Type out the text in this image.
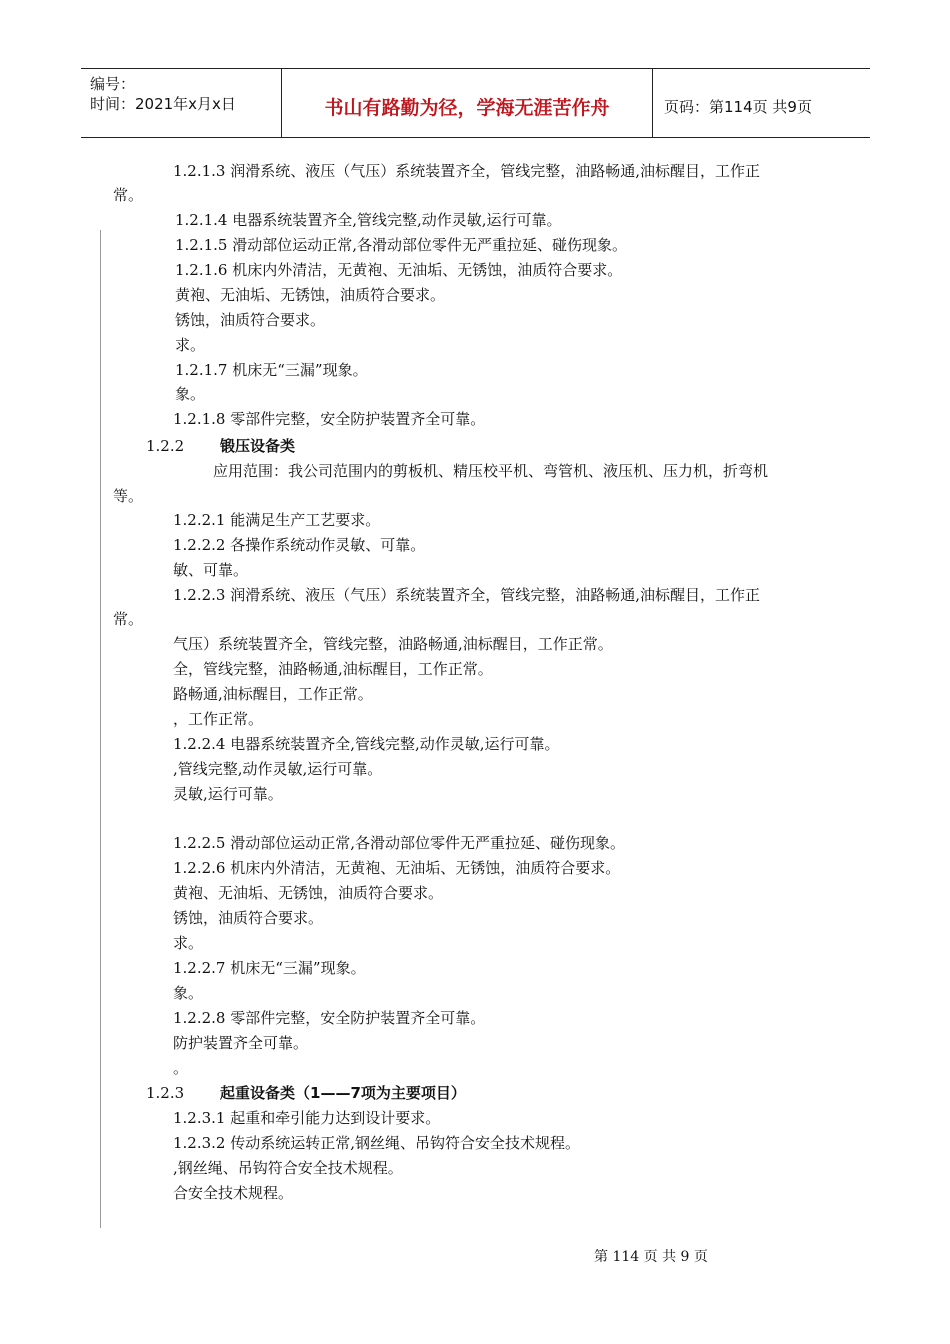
编号：
时间：2021年x月x日	书山有路勤为径，学海无涯苦作舟	页码：第114页 共9页
1.2.1.3 润滑系统、液压（气压）系统装置齐全，管线完整，油路畅通,油标醒目，工作正
常。
1.2.1.4 电器系统装置齐全,管线完整,动作灵敏,运行可靠。
1.2.1.5 滑动部位运动正常,各滑动部位零件无严重拉延、碰伤现象。
1.2.1.6 机床内外清洁，无黄袍、无油垢、无锈蚀，油质符合要求。
黄袍、无油垢、无锈蚀，油质符合要求。
锈蚀，油质符合要求。
求。
1.2.1.7 机床无“三漏”现象。
象。
1.2.1.8 零部件完整，安全防护装置齐全可靠。
1.2.2 锻压设备类
应用范围：我公司范围内的剪板机、精压校平机、弯管机、液压机、压力机，折弯机
等。
1.2.2.1 能满足生产工艺要求。
1.2.2.2 各操作系统动作灵敏、可靠。
敏、可靠。
1.2.2.3 润滑系统、液压（气压）系统装置齐全，管线完整，油路畅通,油标醒目，工作正
常。
气压）系统装置齐全，管线完整，油路畅通,油标醒目，工作正常。
全，管线完整，油路畅通,油标醒目，工作正常。
路畅通,油标醒目，工作正常。
，工作正常。
1.2.2.4 电器系统装置齐全,管线完整,动作灵敏,运行可靠。
,管线完整,动作灵敏,运行可靠。
灵敏,运行可靠。
1.2.2.5 滑动部位运动正常,各滑动部位零件无严重拉延、碰伤现象。
1.2.2.6 机床内外清洁，无黄袍、无油垢、无锈蚀，油质符合要求。
黄袍、无油垢、无锈蚀，油质符合要求。
锈蚀，油质符合要求。
求。
1.2.2.7 机床无“三漏”现象。
象。
1.2.2.8 零部件完整，安全防护装置齐全可靠。
防护装置齐全可靠。
。
1.2.3 起重设备类（1——7项为主要项目）
1.2.3.1 起重和牵引能力达到设计要求。
1.2.3.2 传动系统运转正常,钢丝绳、吊钩符合安全技术规程。
,钢丝绳、吊钩符合安全技术规程。
合安全技术规程。
第 114 页 共 9 页
